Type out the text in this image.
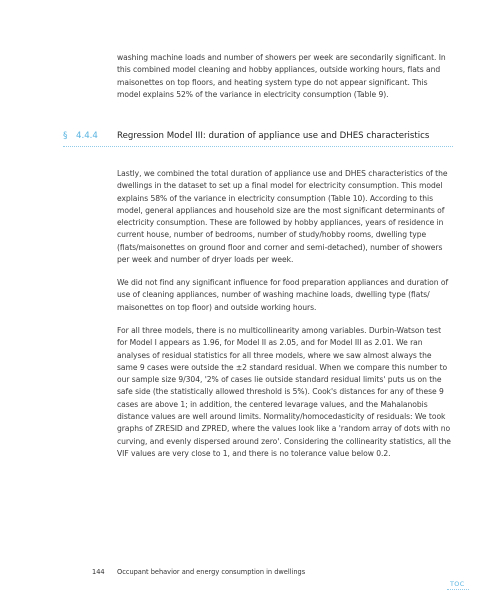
washing machine loads and number of showers per week are secondarily significant. In this combined model cleaning and hobby appliances, outside working hours, flats and maisonettes on top floors, and heating system type do not appear significant. This model explains 52% of the variance in electricity consumption (Table 9).
§ 4.4.4 Regression Model III: duration of appliance use and DHES characteristics
Lastly, we combined the total duration of appliance use and DHES characteristics of the dwellings in the dataset to set up a final model for electricity consumption. This model explains 58% of the variance in electricity consumption (Table 10). According to this model, general appliances and household size are the most significant determinants of electricity consumption. These are followed by hobby appliances, years of residence in current house, number of bedrooms, number of study/hobby rooms, dwelling type (flats/maisonettes on ground floor and corner and semi-detached), number of showers per week and number of dryer loads per week.
We did not find any significant influence for food preparation appliances and duration of use of cleaning appliances, number of washing machine loads, dwelling type (flats/ maisonettes on top floor) and outside working hours.
For all three models, there is no multicollinearity among variables. Durbin-Watson test for Model I appears as 1.96, for Model II as 2.05, and for Model III as 2.01. We ran analyses of residual statistics for all three models, where we saw almost always the same 9 cases were outside the ±2 standard residual. When we compare this number to our sample size 9/304, '2% of cases lie outside standard residual limits' puts us on the safe side (the statistically allowed threshold is 5%). Cook's distances for any of these 9 cases are above 1; in addition, the centered levarage values, and the Mahalanobis distance values are well around limits. Normality/homocedasticity of residuals: We took graphs of ZRESID and ZPRED, where the values look like a 'random array of dots with no curving, and evenly dispersed around zero'. Considering the collinearity statistics, all the VIF values are very close to 1, and there is no tolerance value below 0.2.
144 Occupant behavior and energy consumption in dwellings
TOC
